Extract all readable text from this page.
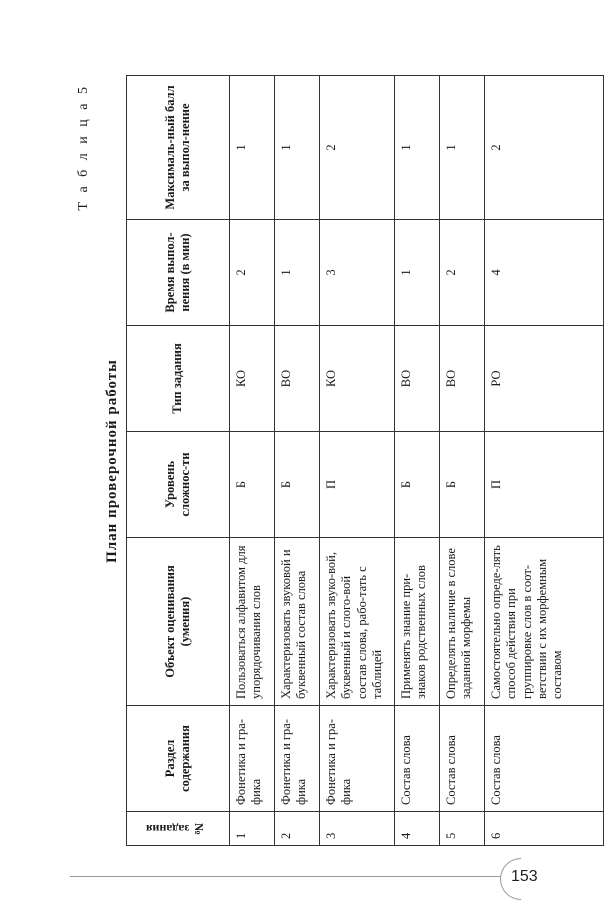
Т а б л и ц а 5
План проверочной работы
№ задания	Раздел содержания	Объект оценивания (умения)	Уровень сложнос-ти	Тип задания	Время выпол-нения (в мин)	Максималь-ный балл за выпол-нение
1	Фонетика и гра-фика	Пользоваться алфавитом для упорядочивания слов	Б	КО	2	1
2	Фонетика и гра-фика	Характеризовать звуковой и буквенный состав слова	Б	ВО	1	1
3	Фонетика и гра-фика	Характеризовать звуко-вой, буквенный и слого-вой состав слова, рабо-тать с таблицей	П	КО	3	2
4	Состав слова	Применять знание при-знаков родственных слов	Б	ВО	1	1
5	Состав слова	Определять наличие в слове заданной морфемы	Б	ВО	2	1
6	Состав слова	Самостоятельно опреде-лять способ действия при группировке слов в соот-ветствии с их морфемным составом	П	РО	4	2
153
